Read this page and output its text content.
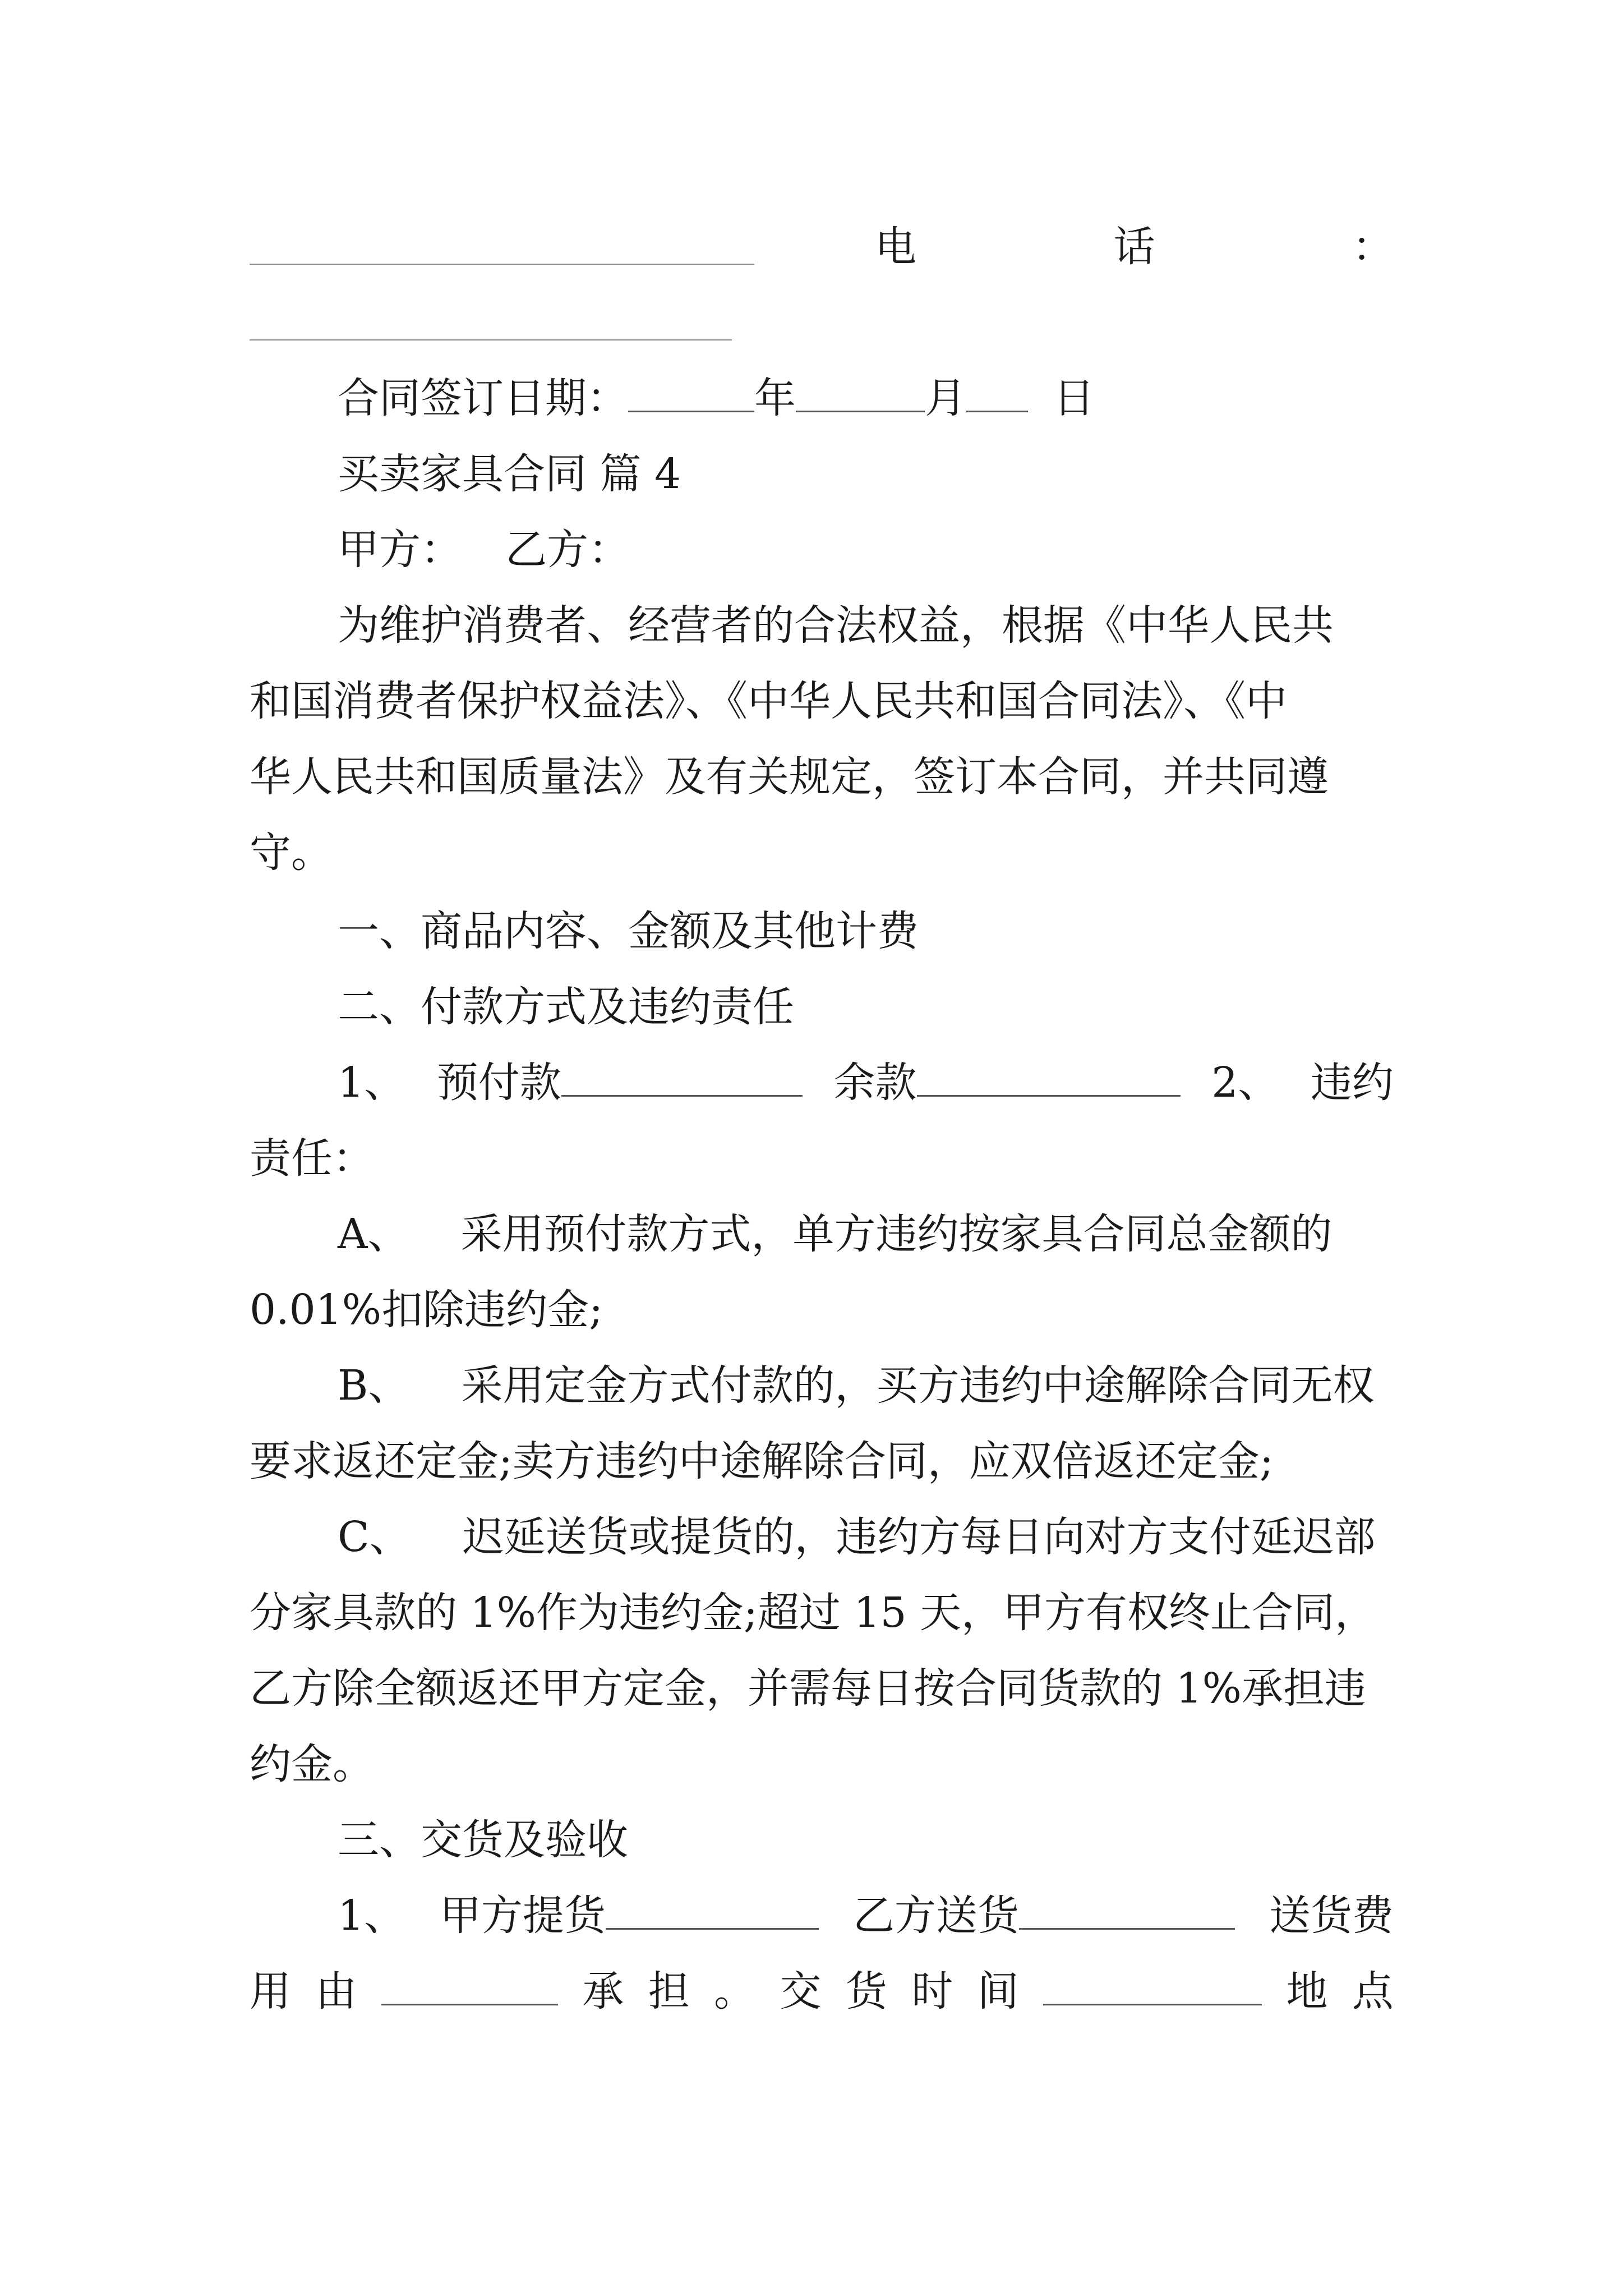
电	话	：
合同签订日期：	年	月 日
买卖家具合同 篇 4
甲方： 乙方：
为维护消费者、经营者的合法权益，根据《中华人民共
和国消费者保护权益法》、《中华人民共和国合同法》、《中
华人民共和国质量法》及有关规定，签订本合同，并共同遵
守。
一、商品内容、金额及其他计费
二、付款方式及违约责任
1、 预付款	余款	2、 违约
责任：
A、 采用预付款方式，单方违约按家具合同总金额的
0.01%扣除违约金;
B、 采用定金方式付款的，买方违约中途解除合同无权
要求返还定金;卖方违约中途解除合同，应双倍返还定金;
C、 迟延送货或提货的，违约方每日向对方支付延迟部
分家具款的 1%作为违约金;超过 15 天，甲方有权终止合同，
乙方除全额返还甲方定金，并需每日按合同货款的 1%承担违
约金。
三、交货及验收
1、 甲方提货	乙方送货	送货费
用 由	承 担 。 交 货 时 间	地 点
